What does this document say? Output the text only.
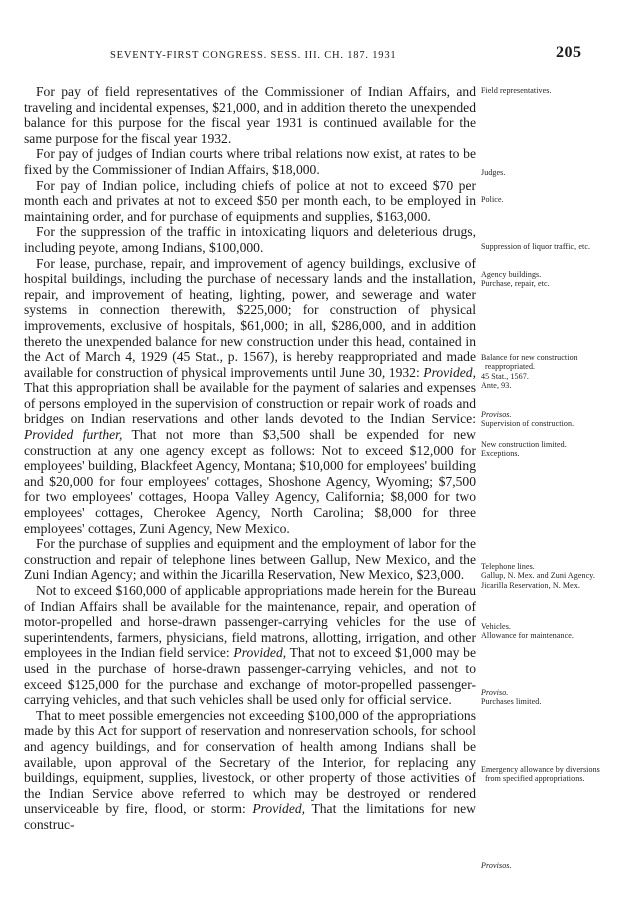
SEVENTY-FIRST CONGRESS. SESS. III. CH. 187. 1931	205

For pay of field representatives of the Commissioner of Indian Affairs, and traveling and incidental expenses, $21,000, and in addition thereto the unexpended balance for this purpose for the fiscal year 1931 is continued available for the same purpose for the fiscal year 1932.

For pay of judges of Indian courts where tribal relations now exist, at rates to be fixed by the Commissioner of Indian Affairs, $18,000.

For pay of Indian police, including chiefs of police at not to exceed $70 per month each and privates at not to exceed $50 per month each, to be employed in maintaining order, and for purchase of equipments and supplies, $163,000.

For the suppression of the traffic in intoxicating liquors and deleterious drugs, including peyote, among Indians, $100,000.

For lease, purchase, repair, and improvement of agency buildings, exclusive of hospital buildings, including the purchase of necessary lands and the installation, repair, and improvement of heating, lighting, power, and sewerage and water systems in connection therewith, $225,000; for construction of physical improvements, exclusive of hospitals, $61,000; in all, $286,000, and in addition thereto the unexpended balance for new construction under this head, contained in the Act of March 4, 1929 (45 Stat., p. 1567), is hereby reappropriated and made available for construction of physical improvements until June 30, 1932: Provided, That this appropriation shall be available for the payment of salaries and expenses of persons employed in the supervision of construction or repair work of roads and bridges on Indian reservations and other lands devoted to the Indian Service: Provided further, That not more than $3,500 shall be expended for new construction at any one agency except as follows: Not to exceed $12,000 for employees' building, Blackfeet Agency, Montana; $10,000 for employees' building and $20,000 for four employees' cottages, Shoshone Agency, Wyoming; $7,500 for two employees' cottages, Hoopa Valley Agency, California; $8,000 for two employees' cottages, Cherokee Agency, North Carolina; $8,000 for three employees' cottages, Zuni Agency, New Mexico.

For the purchase of supplies and equipment and the employment of labor for the construction and repair of telephone lines between Gallup, New Mexico, and the Zuni Indian Agency; and within the Jicarilla Reservation, New Mexico, $23,000.

Not to exceed $160,000 of applicable appropriations made herein for the Bureau of Indian Affairs shall be available for the maintenance, repair, and operation of motor-propelled and horse-drawn passenger-carrying vehicles for the use of superintendents, farmers, physicians, field matrons, allotting, irrigation, and other employees in the Indian field service: Provided, That not to exceed $1,000 may be used in the purchase of horse-drawn passenger-carrying vehicles, and not to exceed $125,000 for the purchase and exchange of motor-propelled passenger-carrying vehicles, and that such vehicles shall be used only for official service.

That to meet possible emergencies not exceeding $100,000 of the appropriations made by this Act for support of reservation and nonreservation schools, for school and agency buildings, and for conservation of health among Indians shall be available, upon approval of the Secretary of the Interior, for replacing any buildings, equipment, supplies, livestock, or other property of those activities of the Indian Service above referred to which may be destroyed or rendered unserviceable by fire, flood, or storm: Provided, That the limitations for new construc-

Field representatives.
Judges.
Police.
Suppression of liquor traffic, etc.
Agency buildings.
Purchase, repair, etc.
Balance for new construction reappropriated.
45 Stat., 1567.
Ante, 93.
Provisos.
Supervision of construction.
New construction limited.
Exceptions.
Telephone lines.
Gallup, N. Mex. and Zuni Agency.
Jicarilla Reservation, N. Mex.
Vehicles.
Allowance for maintenance.
Proviso.
Purchases limited.
Emergency allowance by diversions from specified appropriations.
Provisos.
